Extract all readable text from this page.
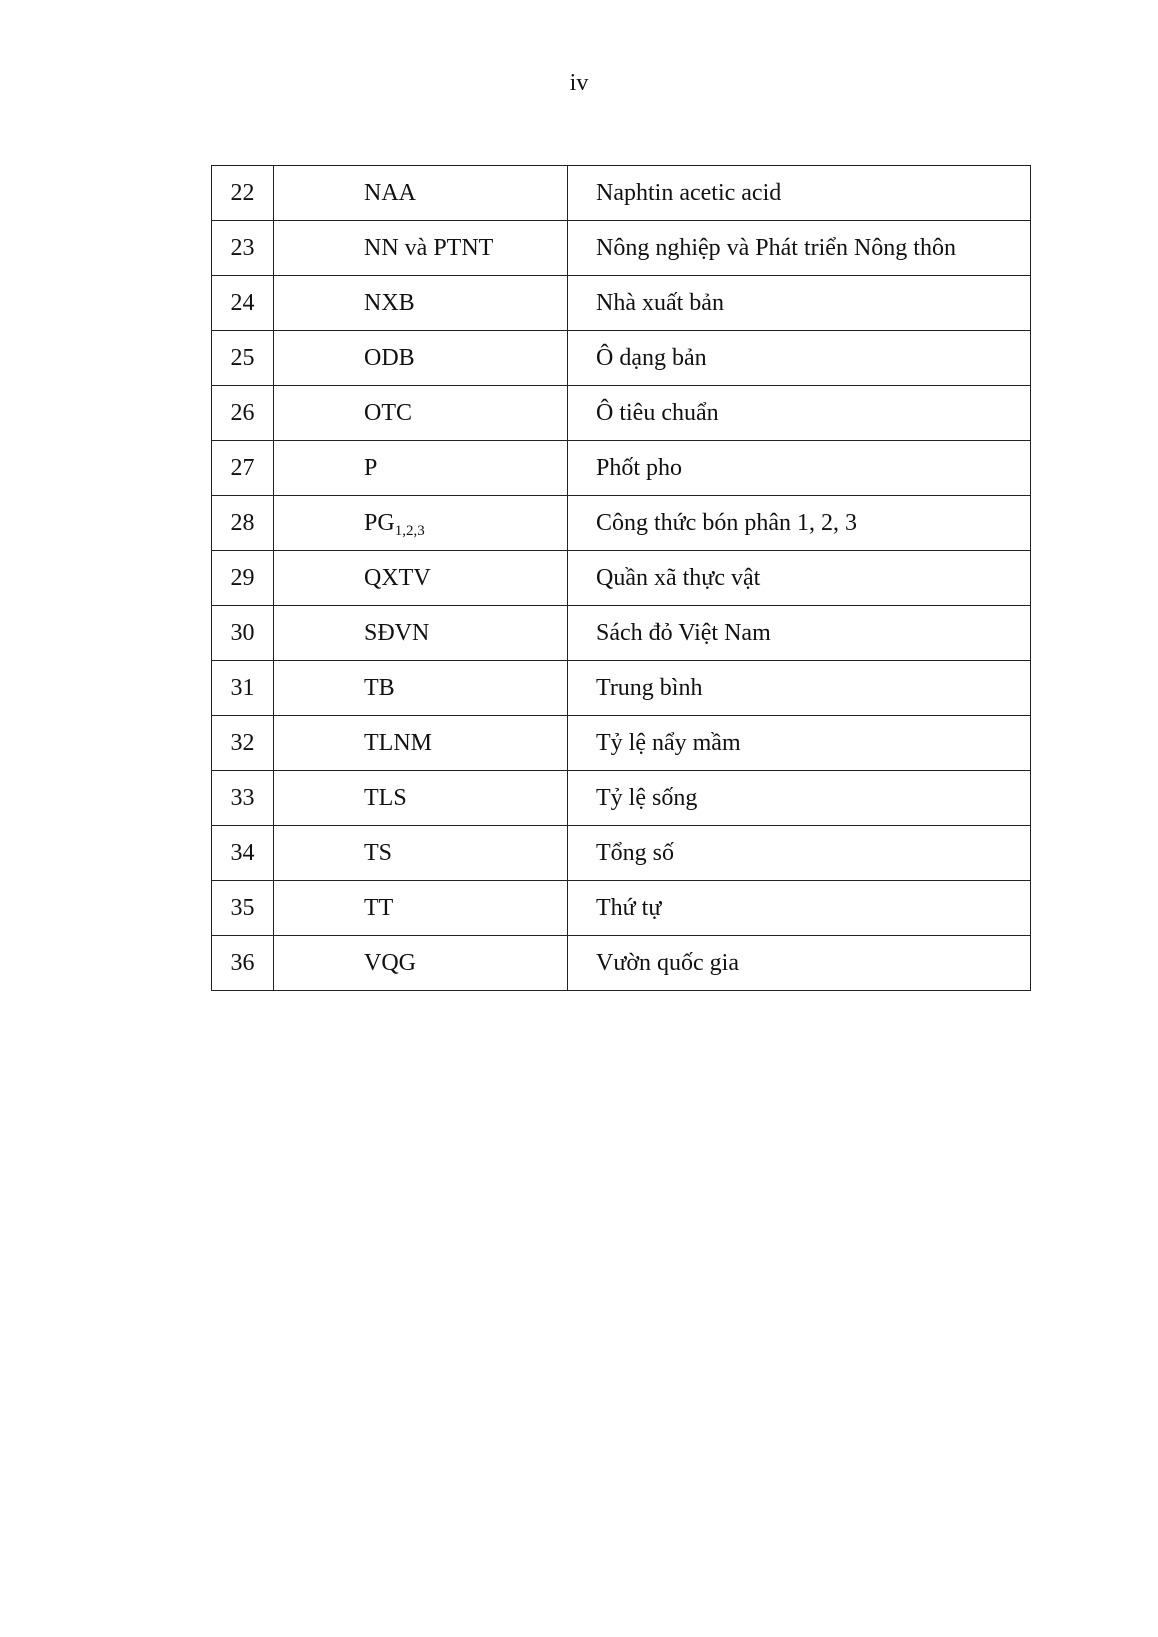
iv
22	NAA	Naphtin acetic acid
23	NN và PTNT	Nông nghiệp và Phát triển Nông thôn
24	NXB	Nhà xuất bản
25	ODB	Ô dạng bản
26	OTC	Ô tiêu chuẩn
27	P	Phốt pho
28	$PG_{1,2,3}$	Công thức bón phân 1, 2, 3
29	QXTV	Quần xã thực vật
30	SĐVN	Sách đỏ Việt Nam
31	TB	Trung bình
32	TLNM	Tỷ lệ nẩy mầm
33	TLS	Tỷ lệ sống
34	TS	Tổng số
35	TT	Thứ tự
36	VQG	Vườn quốc gia
